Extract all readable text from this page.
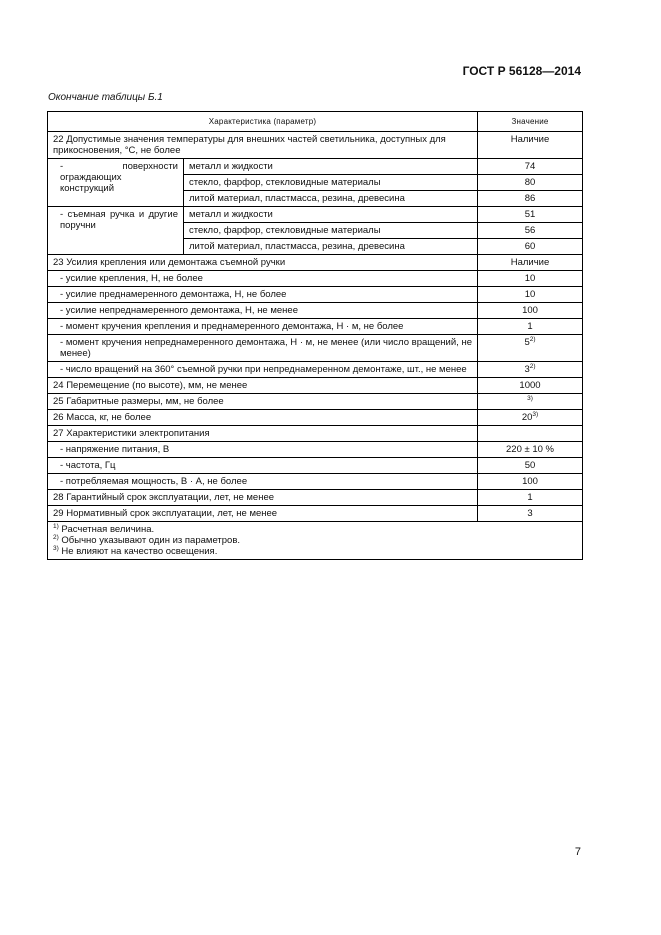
ГОСТ Р 56128—2014
Окончание таблицы Б.1
Характеристика (параметр)		Значение
22 Допустимые значения температуры для внешних частей светильника, доступных для прикосновения, °С, не более		Наличие
- поверхности ограждающих конструкций	металл и жидкости	74
	стекло, фарфор, стекловидные материалы	80
	литой материал, пластмасса, резина, древесина	86
- съемная ручка и другие поручни	металл и жидкости	51
	стекло, фарфор, стекловидные материалы	56
	литой материал, пластмасса, резина, древесина	60
23 Усилия крепления или демонтажа съемной ручки		Наличие
- усилие крепления, Н, не более		10
- усилие преднамеренного демонтажа, Н, не более		10
- усилие непреднамеренного демонтажа, Н, не менее		100
- момент кручения крепления и преднамеренного демонтажа, Н · м, не более		1
- момент кручения непреднамеренного демонтажа, Н · м, не менее (или число вращений, не менее)		5$^{2)}$
- число вращений на 360° съемной ручки при непреднамеренном демонтаже, шт., не менее		3$^{2)}$
24 Перемещение (по высоте), мм, не менее		1000
25 Габаритные размеры, мм, не более		$^{3)}$
26 Масса, кг, не более		20$^{3)}$
27 Характеристики электропитания		
- напряжение питания, В		220 ± 10 %
- частота, Гц		50
- потребляемая мощность, В · А, не более		100
28 Гарантийный срок эксплуатации, лет, не менее		1
29 Нормативный срок эксплуатации, лет, не менее		3

$^{1)}$ Расчетная величина.
$^{2)}$ Обычно указывают один из параметров.
$^{3)}$ Не влияют на качество освещения.		
7
